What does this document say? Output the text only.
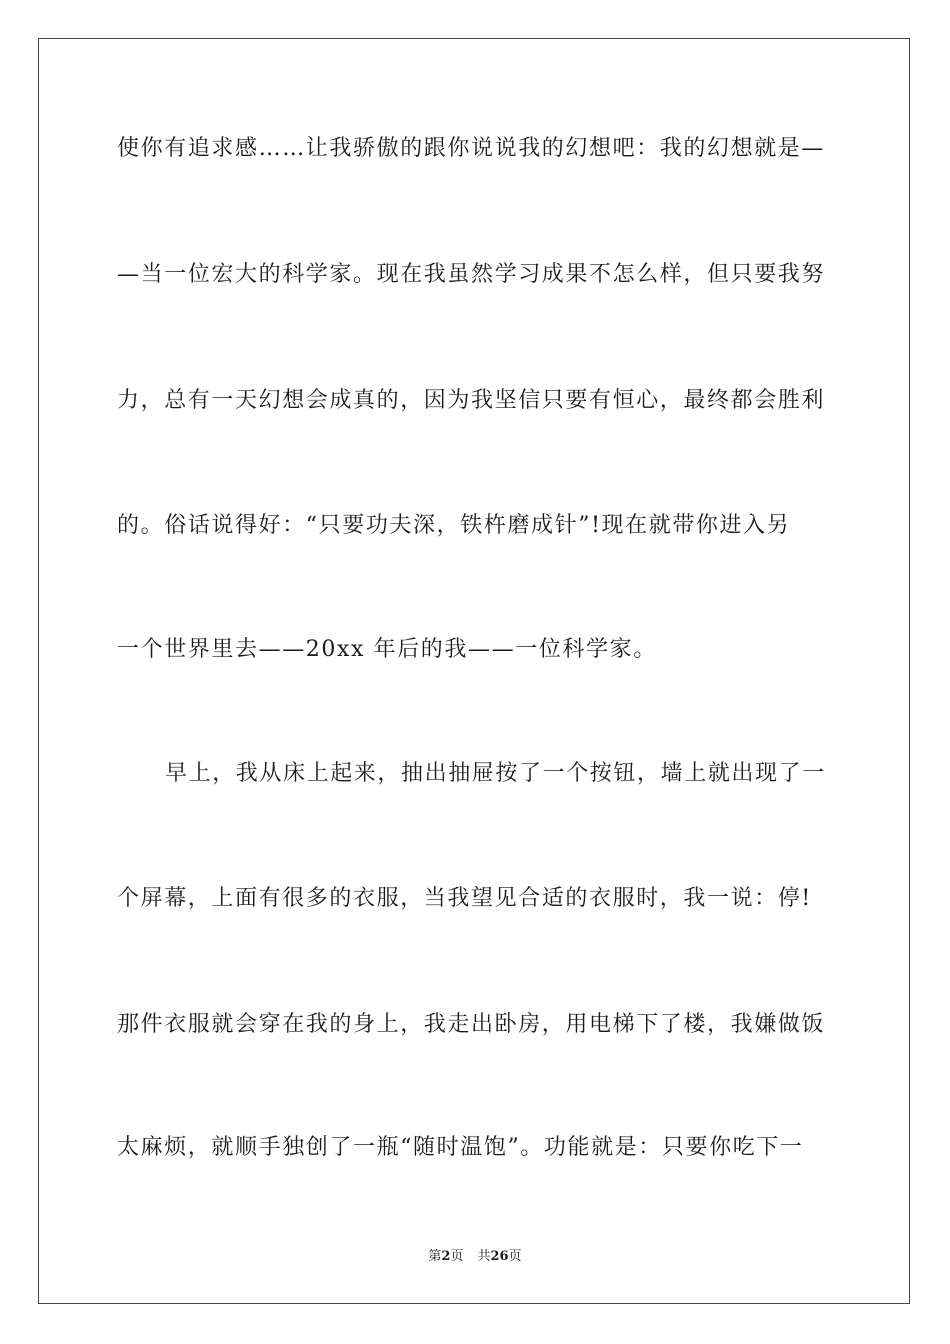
使你有追求感……让我骄傲的跟你说说我的幻想吧：我的幻想就是—
—当一位宏大的科学家。现在我虽然学习成果不怎么样，但只要我努
力，总有一天幻想会成真的，因为我坚信只要有恒心，最终都会胜利
的。俗话说得好：“只要功夫深，铁杵磨成针”!现在就带你进入另
一个世界里去——20xx 年后的我——一位科学家。
早上，我从床上起来，抽出抽屉按了一个按钮，墙上就出现了一
个屏幕，上面有很多的衣服，当我望见合适的衣服时，我一说：停!
那件衣服就会穿在我的身上，我走出卧房，用电梯下了楼，我嫌做饭
太麻烦，就顺手独创了一瓶“随时温饱”。功能就是：只要你吃下一
第2页 共26页
